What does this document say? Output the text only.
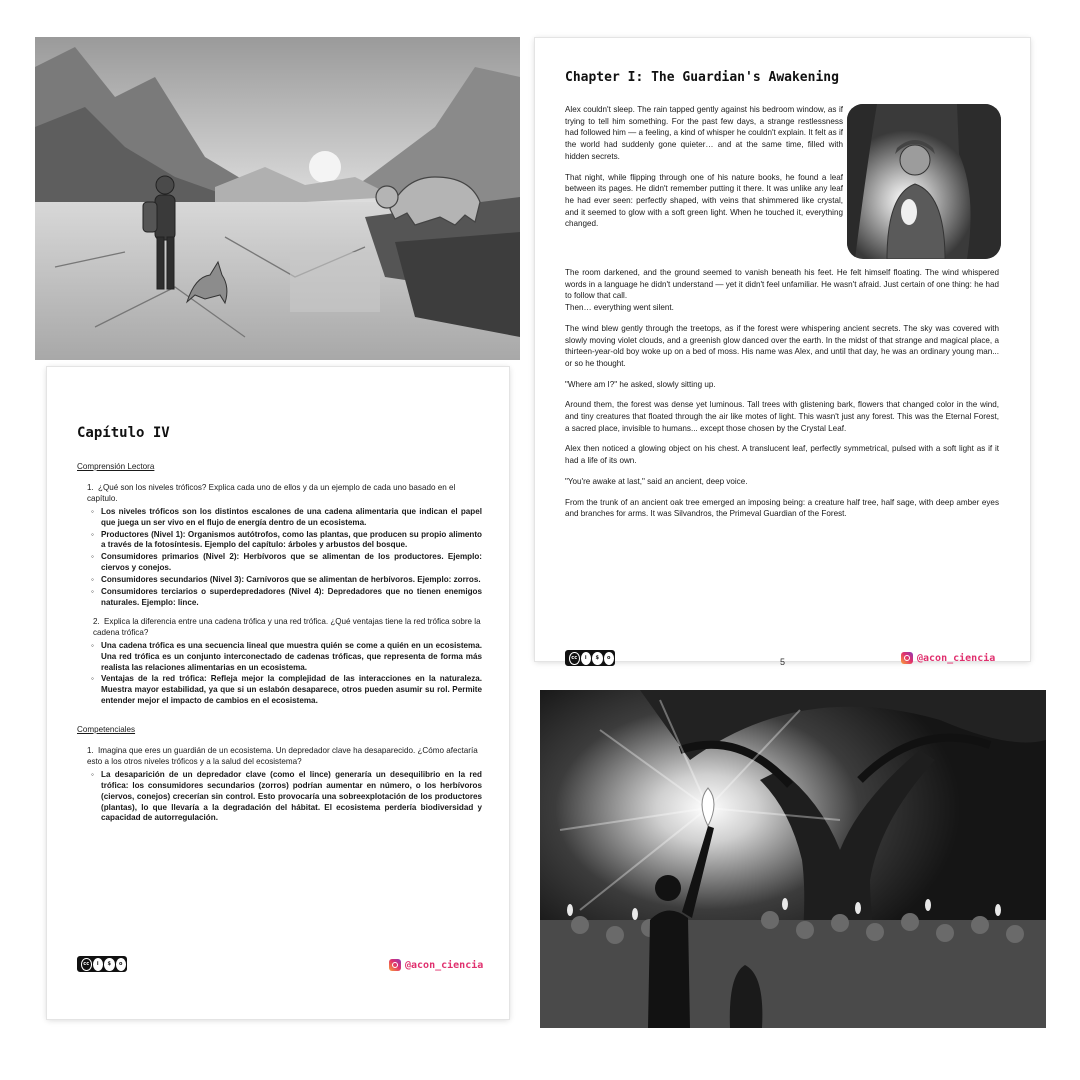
Chapter I: The Guardian's Awakening

Alex couldn't sleep. The rain tapped gently against his bedroom window, as if trying to tell him something. For the past few days, a strange restlessness had followed him — a feeling, a kind of whisper he couldn't explain. It felt as if the world had suddenly gone quieter… and at the same time, filled with hidden secrets.

That night, while flipping through one of his nature books, he found a leaf between its pages. He didn't remember putting it there. It was unlike any leaf he had ever seen: perfectly shaped, with veins that shimmered like crystal, and it seemed to glow with a soft green light. When he touched it, everything changed.

The room darkened, and the ground seemed to vanish beneath his feet. He felt himself floating. The wind whispered words in a language he didn't understand — yet it didn't feel unfamiliar. He wasn't afraid. Just certain of one thing: he had to follow that call.
Then… everything went silent.

The wind blew gently through the treetops, as if the forest were whispering ancient secrets. The sky was covered with slowly moving violet clouds, and a greenish glow danced over the earth. In the midst of that strange and magical place, a thirteen-year-old boy woke up on a bed of moss. His name was Alex, and until that day, he was an ordinary young man... or so he thought.

"Where am I?" he asked, slowly sitting up.

Around them, the forest was dense yet luminous. Tall trees with glistening bark, flowers that changed color in the wind, and tiny creatures that floated through the air like motes of light. This wasn't just any forest. This was the Eternal Forest, a sacred place, invisible to humans... except those chosen by the Crystal Leaf.

Alex then noticed a glowing object on his chest. A translucent leaf, perfectly symmetrical, pulsed with a soft light as if it had a life of its own.

"You're awake at last," said an ancient, deep voice.

From the trunk of an ancient oak tree emerged an imposing being: a creature half tree, half sage, with deep amber eyes and branches for arms. It was Silvandros, the Primeval Guardian of the Forest.

cc	i	$	o	5	@acon_ciencia
Capítulo IV
Comprensión Lectora
1. ¿Qué son los niveles tróficos? Explica cada uno de ellos y da un ejemplo de cada uno basado en el capítulo.
◦ Los niveles tróficos son los distintos escalones de una cadena alimentaria que indican el papel que juega un ser vivo en el flujo de energía dentro de un ecosistema.
◦ Productores (Nivel 1): Organismos autótrofos, como las plantas, que producen su propio alimento a través de la fotosíntesis. Ejemplo del capítulo: árboles y arbustos del bosque.
◦ Consumidores primarios (Nivel 2): Herbívoros que se alimentan de los productores. Ejemplo: ciervos y conejos.
◦ Consumidores secundarios (Nivel 3): Carnívoros que se alimentan de herbívoros. Ejemplo: zorros.
◦ Consumidores terciarios o superdepredadores (Nivel 4): Depredadores que no tienen enemigos naturales. Ejemplo: lince.
2. Explica la diferencia entre una cadena trófica y una red trófica. ¿Qué ventajas tiene la red trófica sobre la cadena trófica?
◦ Una cadena trófica es una secuencia lineal que muestra quién se come a quién en un ecosistema. Una red trófica es un conjunto interconectado de cadenas tróficas, que representa de forma más realista las relaciones alimentarias en un ecosistema.
◦ Ventajas de la red trófica: Refleja mejor la complejidad de las interacciones en la naturaleza. Muestra mayor estabilidad, ya que si un eslabón desaparece, otros pueden asumir su rol. Permite entender mejor el impacto de cambios en el ecosistema.
Competenciales
1. Imagina que eres un guardián de un ecosistema. Un depredador clave ha desaparecido. ¿Cómo afectaría esto a los otros niveles tróficos y a la salud del ecosistema?
◦ La desaparición de un depredador clave (como el lince) generaría un desequilibrio en la red trófica: los consumidores secundarios (zorros) podrían aumentar en número, o los herbívoros (ciervos, conejos) crecerían sin control. Esto provocaría una sobreexplotación de los productores (plantas), lo que llevaría a la degradación del hábitat. El ecosistema perdería biodiversidad y capacidad de autorregulación.
cc	i	$	o	@acon_ciencia
